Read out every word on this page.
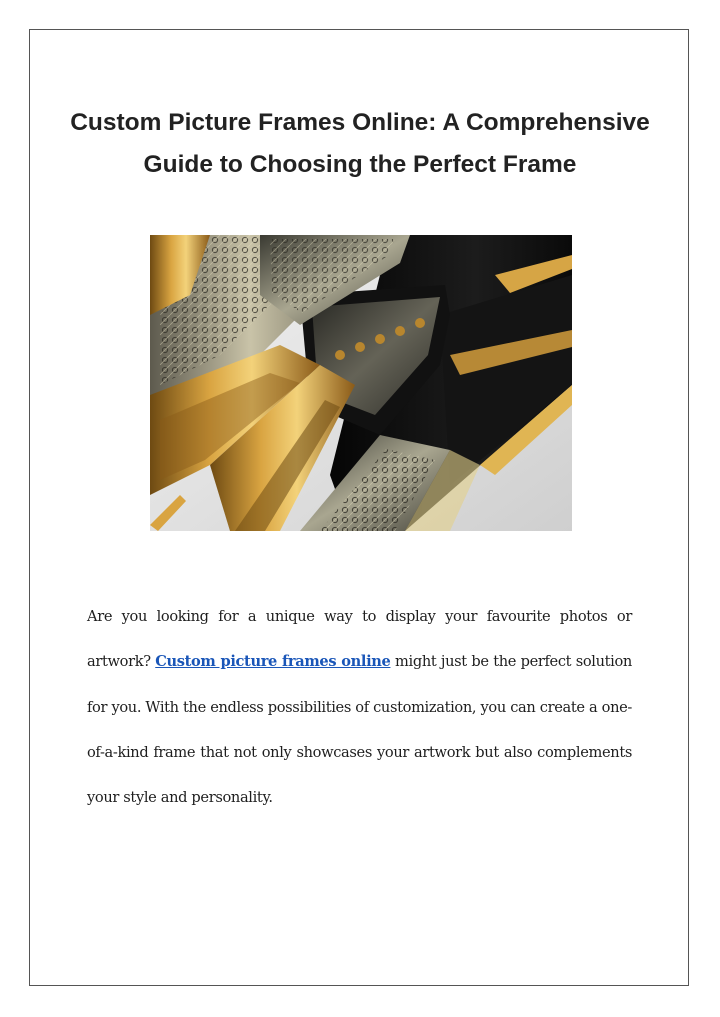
Custom Picture Frames Online: A Comprehensive Guide to Choosing the Perfect Frame

Are you looking for a unique way to display your favourite photos or artwork? Custom picture frames online might just be the perfect solution for you. With the endless possibilities of customization, you can create a one-of-a-kind frame that not only showcases your artwork but also complements your style and personality.
